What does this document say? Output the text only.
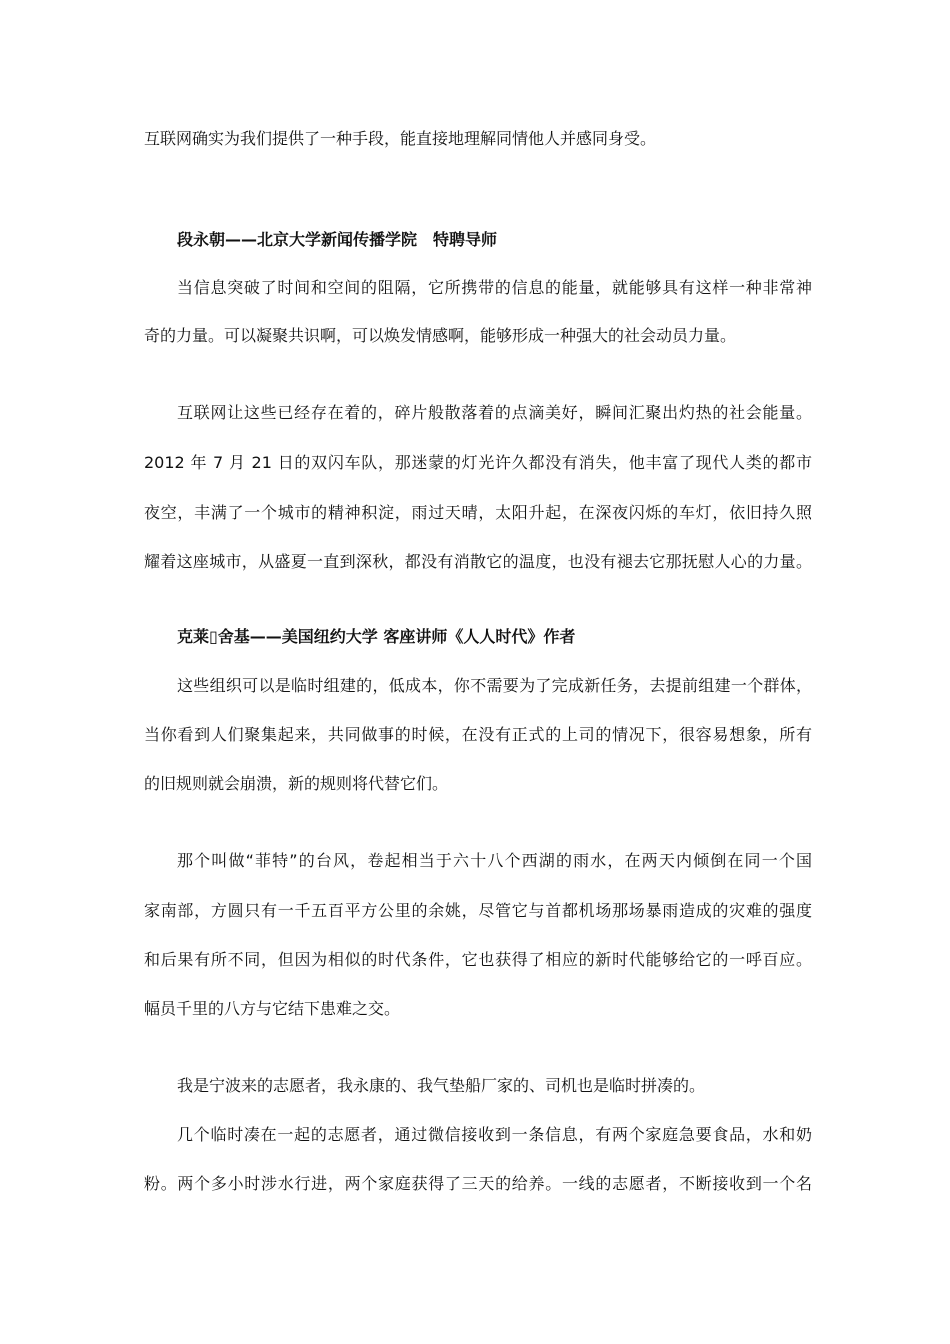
互联网确实为我们提供了一种手段，能直接地理解同情他人并感同身受。
段永朝——北京大学新闻传播学院　特聘导师
当信息突破了时间和空间的阻隔，它所携带的信息的能量，就能够具有这样一种非常神
奇的力量。可以凝聚共识啊，可以焕发情感啊，能够形成一种强大的社会动员力量。
互联网让这些已经存在着的，碎片般散落着的点滴美好，瞬间汇聚出灼热的社会能量。
2012 年 7 月 21 日的双闪车队，那迷蒙的灯光许久都没有消失，他丰富了现代人类的都市
夜空，丰满了一个城市的精神积淀，雨过天晴，太阳升起，在深夜闪烁的车灯，依旧持久照
耀着这座城市，从盛夏一直到深秋，都没有消散它的温度，也没有褪去它那抚慰人心的力量。
克莱▯舍基——美国纽约大学 客座讲师《人人时代》作者
这些组织可以是临时组建的，低成本，你不需要为了完成新任务，去提前组建一个群体，
当你看到人们聚集起来，共同做事的时候，在没有正式的上司的情况下，很容易想象，所有
的旧规则就会崩溃，新的规则将代替它们。
那个叫做“菲特”的台风，卷起相当于六十八个西湖的雨水，在两天内倾倒在同一个国
家南部，方圆只有一千五百平方公里的余姚，尽管它与首都机场那场暴雨造成的灾难的强度
和后果有所不同，但因为相似的时代条件，它也获得了相应的新时代能够给它的一呼百应。
幅员千里的八方与它结下患难之交。
我是宁波来的志愿者，我永康的、我气垫船厂家的、司机也是临时拼凑的。
几个临时凑在一起的志愿者，通过微信接收到一条信息，有两个家庭急要食品，水和奶
粉。两个多小时涉水行进，两个家庭获得了三天的给养。一线的志愿者，不断接收到一个名
